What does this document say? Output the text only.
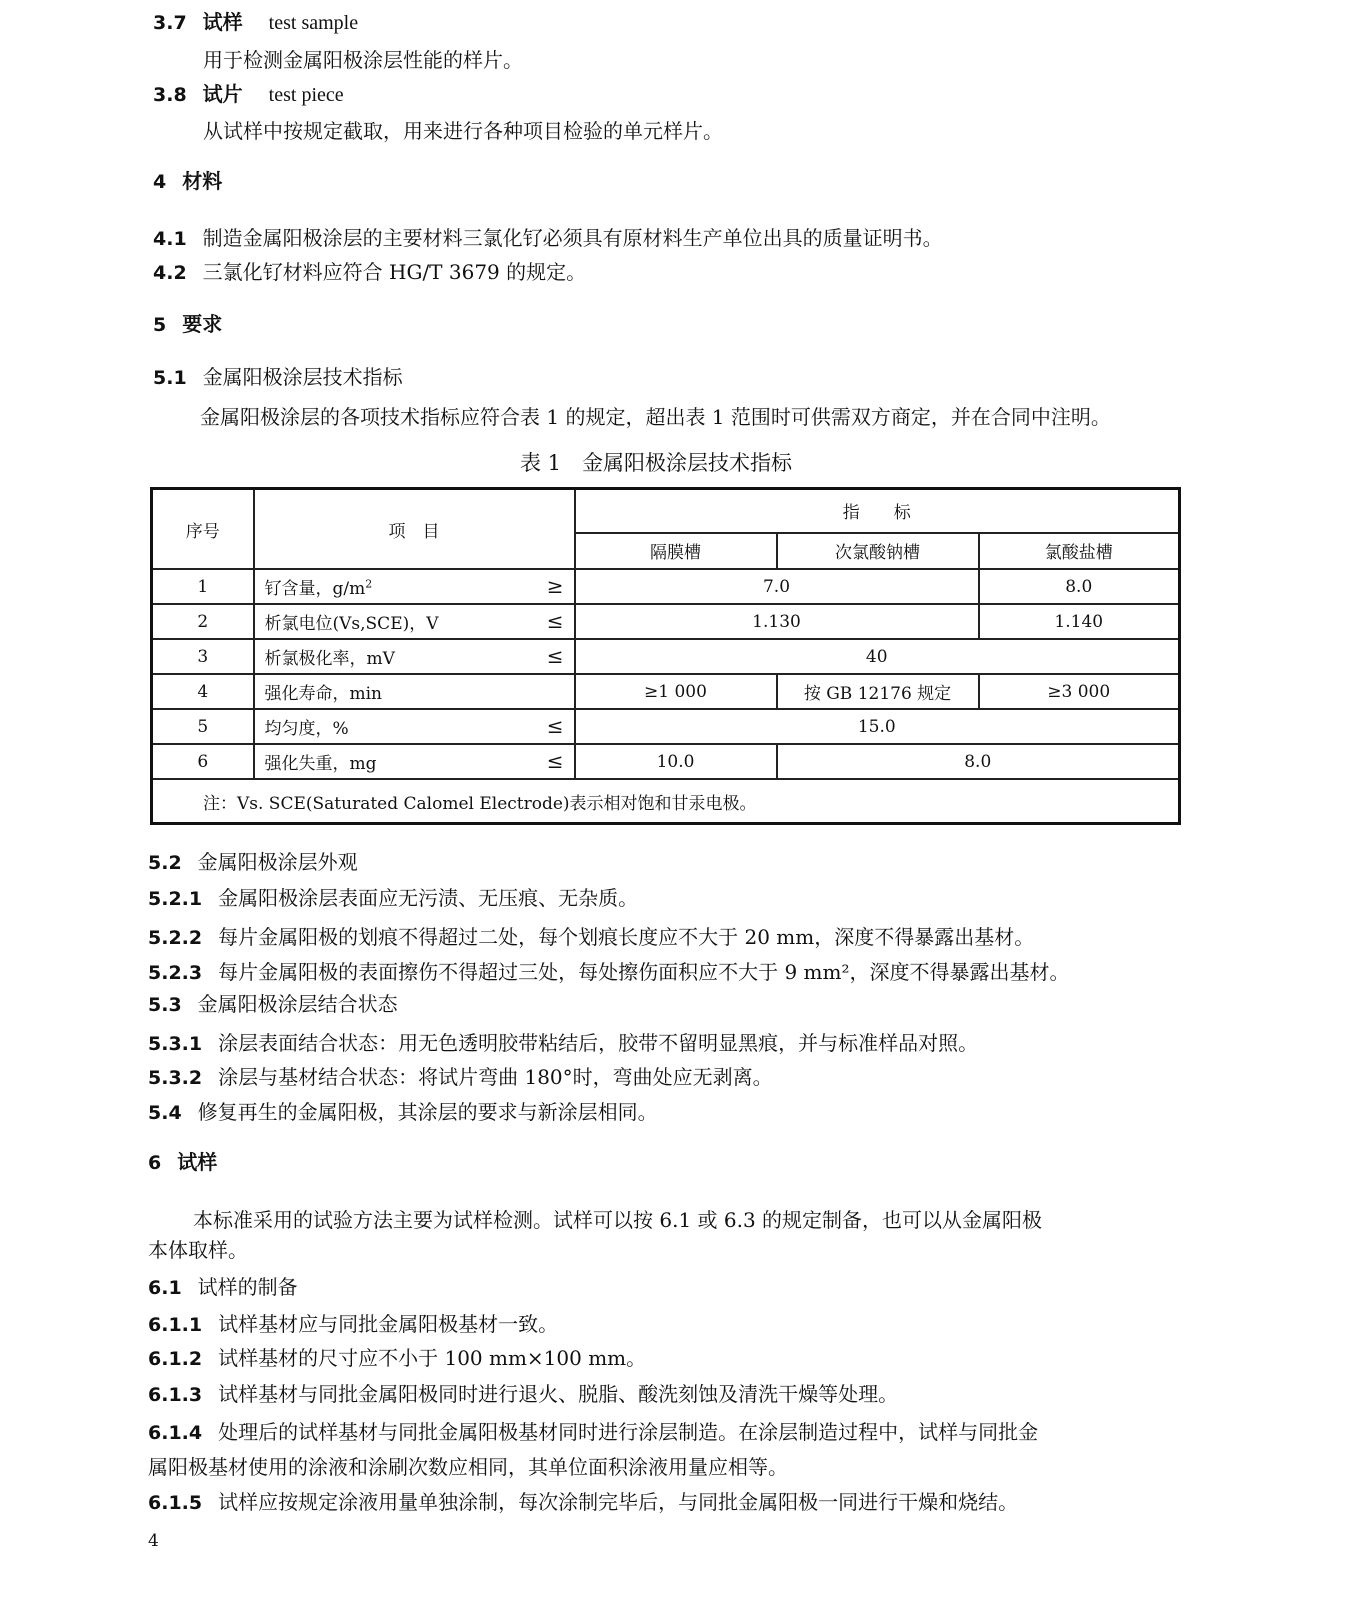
3.7 试样 test sample
用于检测金属阳极涂层性能的样片。
3.8 试片 test piece
从试样中按规定截取，用来进行各种项目检验的单元样片。
4 材料
4.1 制造金属阳极涂层的主要材料三氯化钌必须具有原材料生产单位出具的质量证明书。
4.2 三氯化钌材料应符合 HG/T 3679 的规定。
5 要求
5.1 金属阳极涂层技术指标
金属阳极涂层的各项技术指标应符合表 1 的规定，超出表 1 范围时可供需双方商定，并在合同中注明。
5.2 金属阳极涂层外观
5.2.1 金属阳极涂层表面应无污渍、无压痕、无杂质。
5.2.2 每片金属阳极的划痕不得超过二处，每个划痕长度应不大于 20 mm，深度不得暴露出基材。
5.2.3 每片金属阳极的表面擦伤不得超过三处，每处擦伤面积应不大于 9 mm²，深度不得暴露出基材。
5.3 金属阳极涂层结合状态
5.3.1 涂层表面结合状态：用无色透明胶带粘结后，胶带不留明显黑痕，并与标准样品对照。
5.3.2 涂层与基材结合状态：将试片弯曲 180°时，弯曲处应无剥离。
5.4 修复再生的金属阳极，其涂层的要求与新涂层相同。
6 试样
本标准采用的试验方法主要为试样检测。试样可以按 6.1 或 6.3 的规定制备，也可以从金属阳极
本体取样。
6.1 试样的制备
6.1.1 试样基材应与同批金属阳极基材一致。
6.1.2 试样基材的尺寸应不小于 100 mm×100 mm。
6.1.3 试样基材与同批金属阳极同时进行退火、脱脂、酸洗刻蚀及清洗干燥等处理。
6.1.4 处理后的试样基材与同批金属阳极基材同时进行涂层制造。在涂层制造过程中，试样与同批金
属阳极基材使用的涂液和涂刷次数应相同，其单位面积涂液用量应相等。
6.1.5 试样应按规定涂液用量单独涂制，每次涂制完毕后，与同批金属阳极一同进行干燥和烧结。
表 1　金属阳极涂层技术指标
序号	项　目	指　　标		
		隔膜槽	次氯酸钠槽	氯酸盐槽
1	钌含量，$g/m^2$ ≥	7.0		8.0
2	析氯电位(Vs,SCE)，V ≤	1.130		1.140
3	析氯极化率，mV ≤	40		
4	强化寿命，min	≥1 000	按 GB 12176 规定	≥3 000
5	均匀度，% ≤	15.0		
6	强化失重，mg ≤	10.0	8.0	
注：Vs. SCE(Saturated Calomel Electrode)表示相对饱和甘汞电极。				
4
